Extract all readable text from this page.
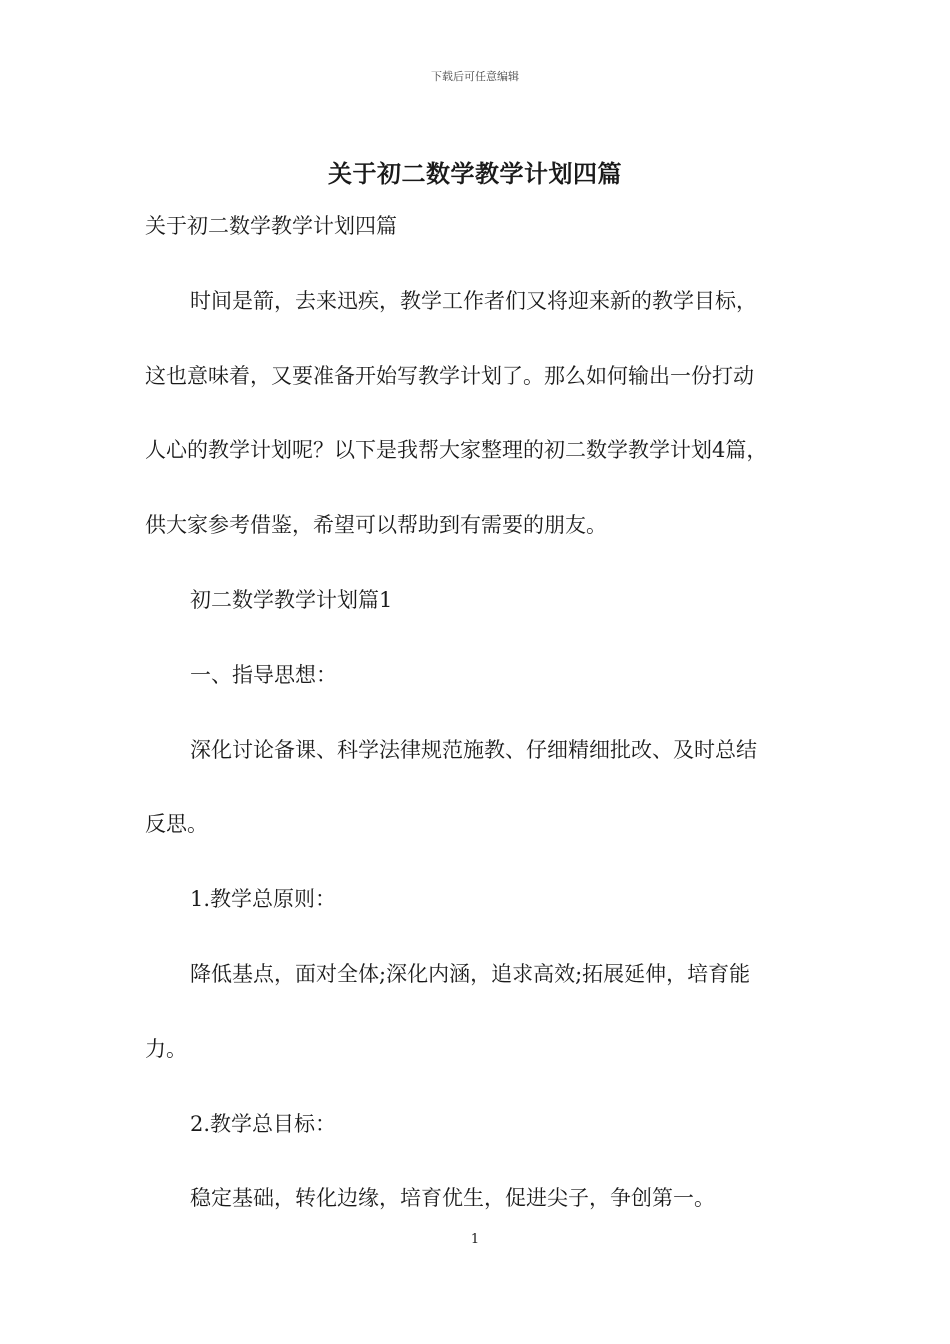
下载后可任意编辑
关于初二数学教学计划四篇
关于初二数学教学计划四篇
时间是箭，去来迅疾，教学工作者们又将迎来新的教学目标，
这也意味着，又要准备开始写教学计划了。那么如何输出一份打动
人心的教学计划呢？以下是我帮大家整理的初二数学教学计划4篇，
供大家参考借鉴，希望可以帮助到有需要的朋友。
初二数学教学计划篇1
一、指导思想：
深化讨论备课、科学法律规范施教、仔细精细批改、及时总结
反思。
1.教学总原则：
降低基点，面对全体;深化内涵，追求高效;拓展延伸，培育能
力。
2.教学总目标：
稳定基础，转化边缘，培育优生，促进尖子，争创第一。
1
